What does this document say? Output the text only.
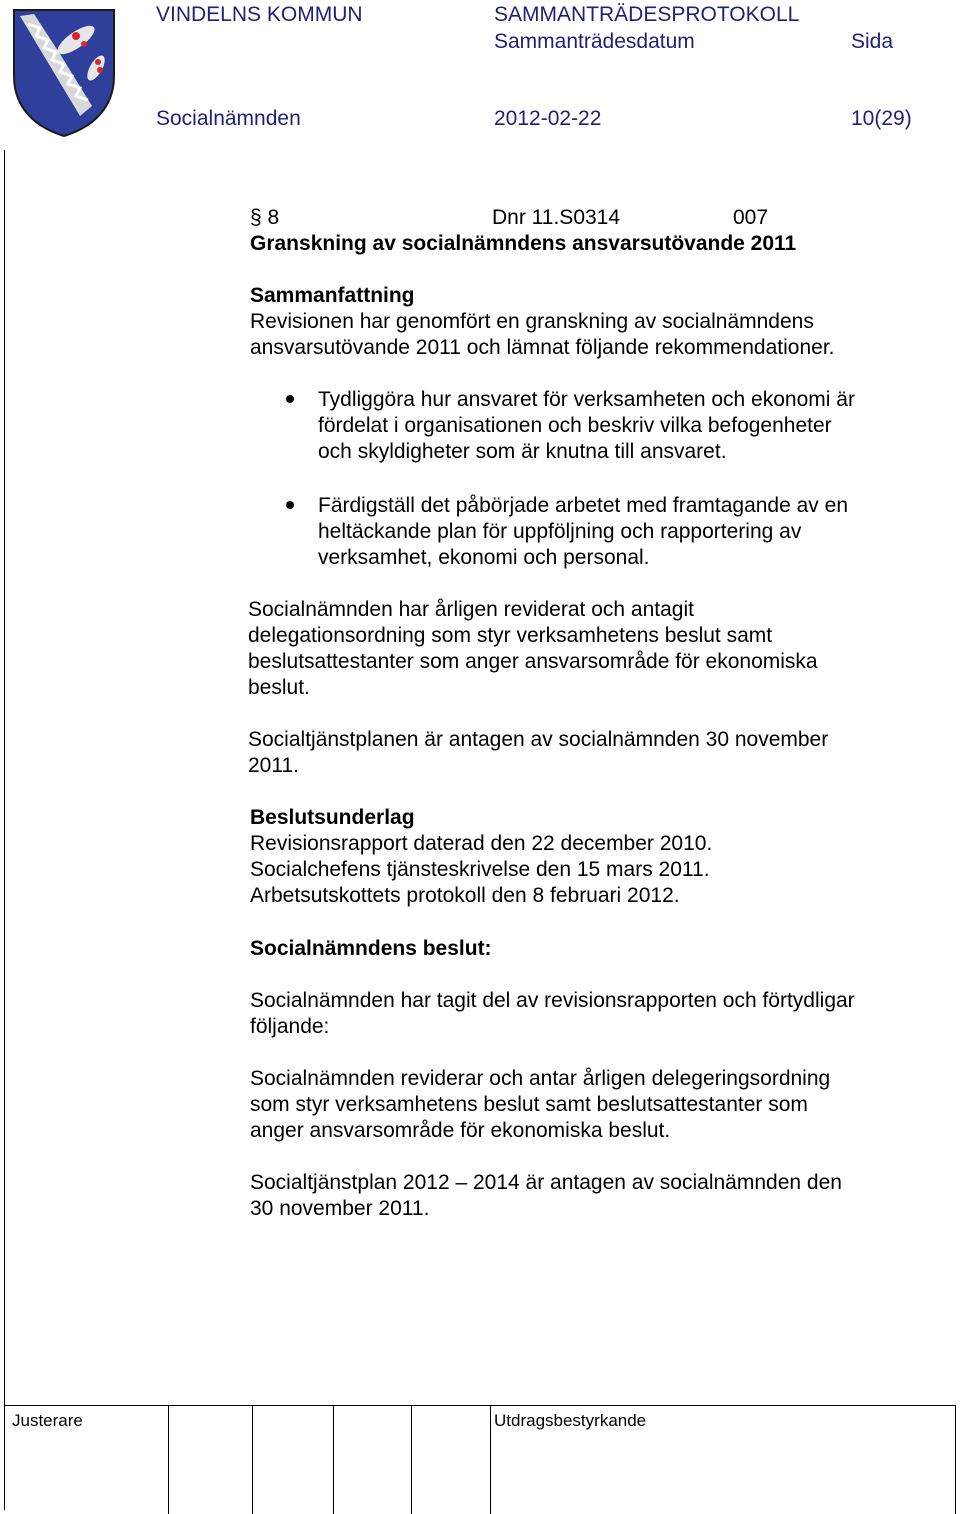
VINDELNS KOMMUN	SAMMANTRÄDESPROTOKOLL
Sammanträdesdatum	Sida
Socialnämnden	2012-02-22	10(29)
§ 8	Dnr 11.S0314	007
Granskning av socialnämndens ansvarsutövande 2011
Sammanfattning
Revisionen har genomfört en granskning av socialnämndens
ansvarsutövande 2011 och lämnat följande rekommendationer.
Tydliggöra hur ansvaret för verksamheten och ekonomi är
fördelat i organisationen och beskriv vilka befogenheter
och skyldigheter som är knutna till ansvaret.
Färdigställ det påbörjade arbetet med framtagande av en
heltäckande plan för uppföljning och rapportering av
verksamhet, ekonomi och personal.
Socialnämnden har årligen reviderat och antagit
delegationsordning som styr verksamhetens beslut samt
beslutsattestanter som anger ansvarsområde för ekonomiska
beslut.
Socialtjänstplanen är antagen av socialnämnden 30 november
2011.
Beslutsunderlag
Revisionsrapport daterad den 22 december 2010.
Socialchefens tjänsteskrivelse den 15 mars 2011.
Arbetsutskottets protokoll den 8 februari 2012.
Socialnämndens beslut:
Socialnämnden har tagit del av revisionsrapporten och förtydligar
följande:
Socialnämnden reviderar och antar årligen delegeringsordning
som styr verksamhetens beslut samt beslutsattestanter som
anger ansvarsområde för ekonomiska beslut.
Socialtjänstplan 2012 – 2014 är antagen av socialnämnden den
30 november 2011.
Justerare	Utdragsbestyrkande
